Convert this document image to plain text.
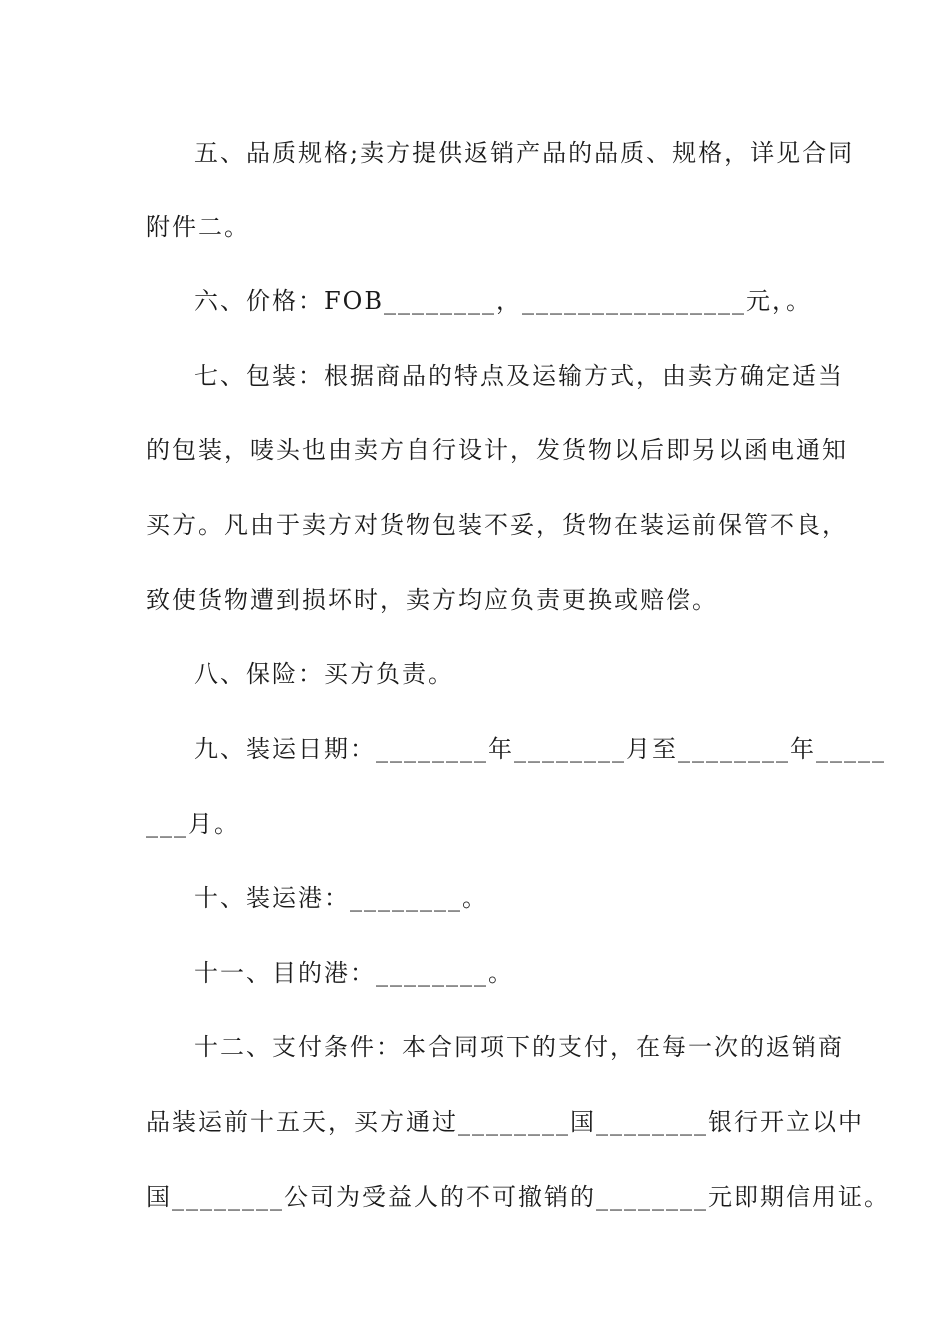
五、品质规格;卖方提供返销产品的品质、规格，详见合同
附件二。
六、价格：FOB________，________________元，。
七、包装：根据商品的特点及运输方式，由卖方确定适当
的包装，唛头也由卖方自行设计，发货物以后即另以函电通知
买方。凡由于卖方对货物包装不妥，货物在装运前保管不良，
致使货物遭到损坏时，卖方均应负责更换或赔偿。
八、保险：买方负责。
九、装运日期：________年________月至________年_____
___月。
十、装运港：________。
十一、目的港：________。
十二、支付条件：本合同项下的支付，在每一次的返销商
品装运前十五天，买方通过________国________银行开立以中
国________公司为受益人的不可撤销的________元即期信用证。
